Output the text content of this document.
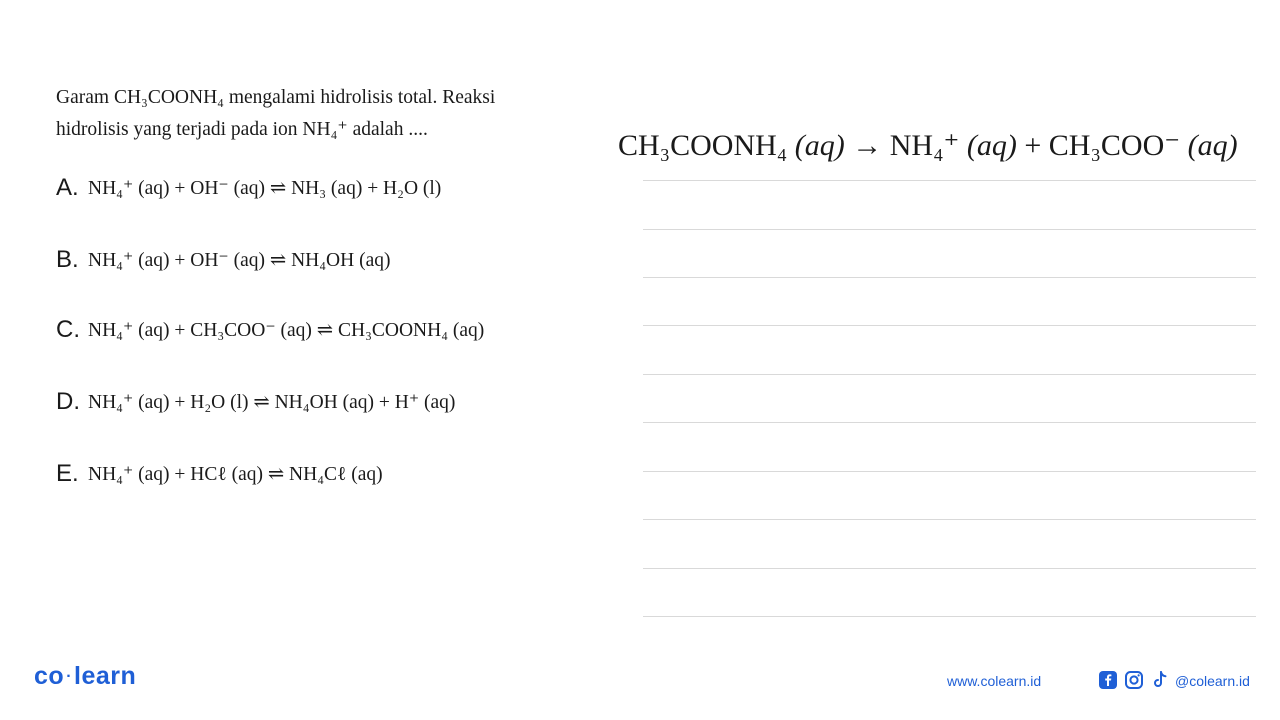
Garam CH₃COONH₄ mengalami hidrolisis total. Reaksi
hidrolisis yang terjadi pada ion NH₄⁺ adalah ....
A. NH₄⁺ (aq) + OH⁻ (aq) ⇌ NH₃ (aq) + H₂O (l)
B. NH₄⁺ (aq) + OH⁻ (aq) ⇌ NH₄OH (aq)
C. NH₄⁺ (aq) + CH₃COO⁻ (aq) ⇌ CH₃COONH₄ (aq)
D. NH₄⁺ (aq) + H₂O (l) ⇌ NH₄OH (aq) + H⁺ (aq)
E. NH₄⁺ (aq) + HCℓ (aq) ⇌ NH₄Cℓ (aq)
CH₃COONH₄ (aq) → NH₄⁺ (aq) + CH₃COO⁻ (aq)
co ·learn	www.colearn.id	@colearn.id
